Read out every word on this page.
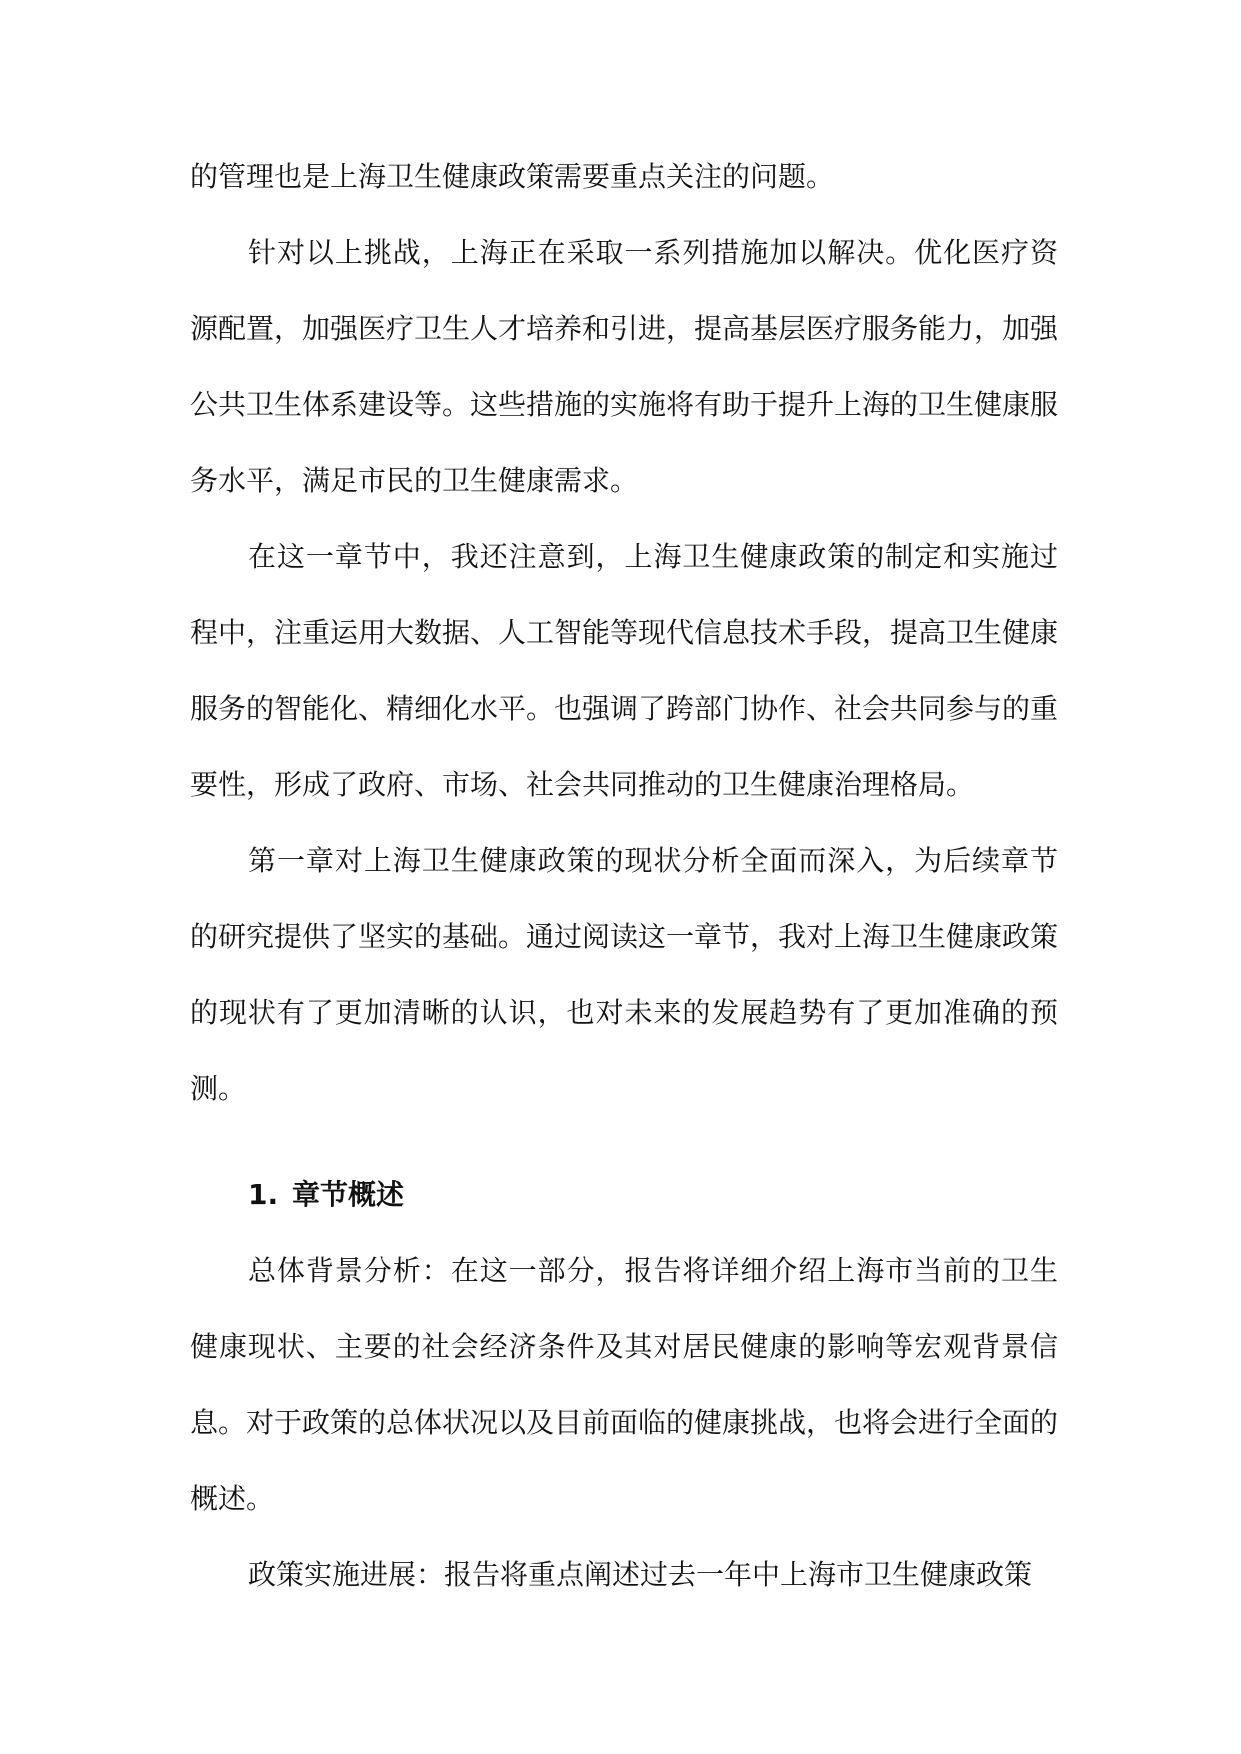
的管理也是上海卫生健康政策需要重点关注的问题。

针对以上挑战，上海正在采取一系列措施加以解决。优化医疗资源配置，加强医疗卫生人才培养和引进，提高基层医疗服务能力，加强公共卫生体系建设等。这些措施的实施将有助于提升上海的卫生健康服务水平，满足市民的卫生健康需求。

在这一章节中，我还注意到，上海卫生健康政策的制定和实施过程中，注重运用大数据、人工智能等现代信息技术手段，提高卫生健康服务的智能化、精细化水平。也强调了跨部门协作、社会共同参与的重要性，形成了政府、市场、社会共同推动的卫生健康治理格局。

第一章对上海卫生健康政策的现状分析全面而深入，为后续章节的研究提供了坚实的基础。通过阅读这一章节，我对上海卫生健康政策的现状有了更加清晰的认识，也对未来的发展趋势有了更加准确的预测。

1. 章节概述

总体背景分析：在这一部分，报告将详细介绍上海市当前的卫生健康现状、主要的社会经济条件及其对居民健康的影响等宏观背景信息。对于政策的总体状况以及目前面临的健康挑战，也将会进行全面的概述。

政策实施进展：报告将重点阐述过去一年中上海市卫生健康政策
